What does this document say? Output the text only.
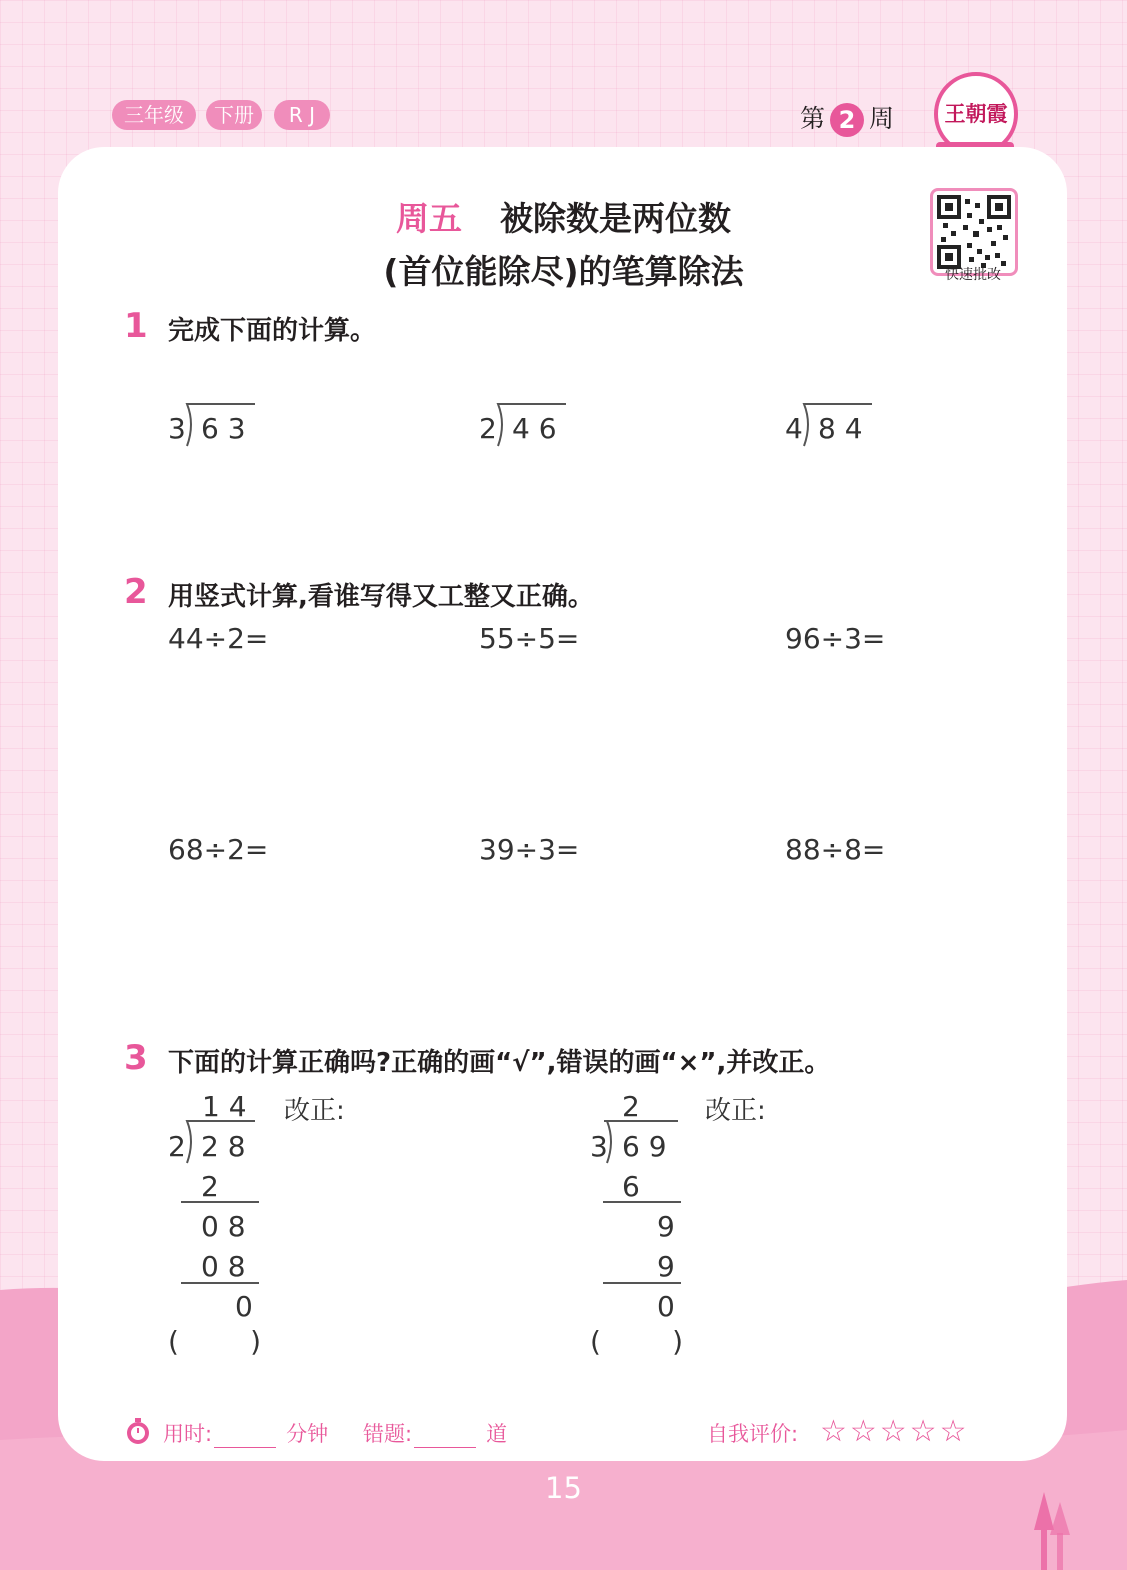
三年级	下册	R J	第 2 周	王朝霞
周五 被除数是两位数
(首位能除尽)的笔算除法	快速批改
1 完成下面的计算。
3 6 3	2 4 6	4 8 4
2 用竖式计算,看谁写得又工整又正确。
44÷2=	55÷5=	96÷3=
68÷2=	39÷3=	88÷8=
3 下面的计算正确吗?正确的画“√”,错误的画“×”,并改正。
1 4
2 2 8
2
0 8
0 8
0
(        )
改正:	2
3 6 9
6
9
9
0
(        )
改正:
用时:	分钟 错题:	道	自我评价: ☆☆☆☆☆
15
